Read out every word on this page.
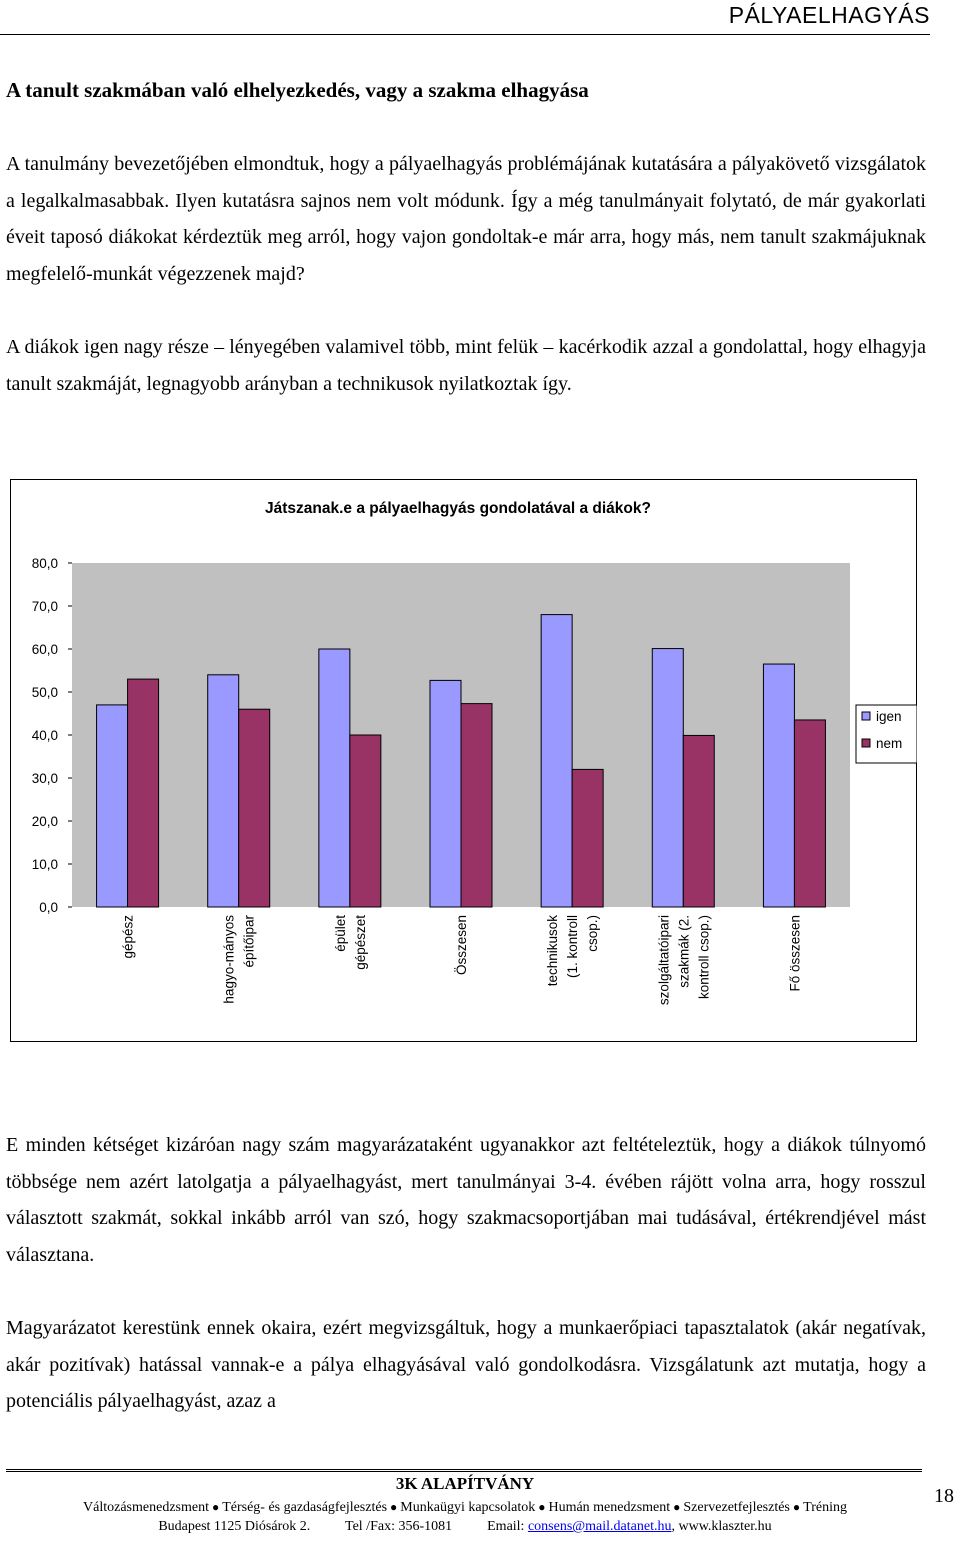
PÁLYAELHAGYÁS
A tanult szakmában való elhelyezkedés, vagy a szakma elhagyása
A tanulmány bevezetőjében elmondtuk, hogy a pályaelhagyás problémájának kutatására a pályakövető vizsgálatok a legalkalmasabbak. Ilyen kutatásra sajnos nem volt módunk. Így a még tanulmányait folytató, de már gyakorlati éveit taposó diákokat kérdeztük meg arról, hogy vajon gondoltak-e már arra, hogy más, nem tanult szakmájuknak megfelelő-munkát végezzenek majd?
A diákok igen nagy része – lényegében valamivel több, mint felük – kacérkodik azzal a gondolattal, hogy elhagyja tanult szakmáját, legnagyobb arányban a technikusok nyilatkoztak így.
Játszanak.e a pályaelhagyás gondolatával a diákok?
0,0
10,0
20,0
30,0
40,0
50,0
60,0
70,0
80,0
gépész	hagyo-mányos építőipar	épület gépészet	Összesen	technikusok (1. kontroll csop.)	szolgáltatóipari szakmák (2. kontroll csop.)	Fő összesen
igen
nem
E minden kétséget kizáróan nagy szám magyarázataként ugyanakkor azt feltételeztük, hogy a diákok túlnyomó többsége nem azért latolgatja a pályaelhagyást, mert tanulmányai 3-4. évében rájött volna arra, hogy rosszul választott szakmát, sokkal inkább arról van szó, hogy szakmacsoportjában mai tudásával, értékrendjével mást választana.
Magyarázatot kerestünk ennek okaira, ezért megvizsgáltuk, hogy a munkaerőpiaci tapasztalatok (akár negatívak, akár pozitívak) hatással vannak-e a pálya elhagyásával való gondolkodásra. Vizsgálatunk azt mutatja, hogy a potenciális pályaelhagyást, azaz a
3K ALAPÍTVÁNY
Változásmenedzsment ● Térség- és gazdaságfejlesztés ● Munkaügyi kapcsolatok ● Humán menedzsment ● Szervezetfejlesztés ● Tréning
Budapest 1125 Diósárok 2. Tel /Fax: 356-1081	Email: consens@mail.datanet.hu, www.klaszter.hu
18
